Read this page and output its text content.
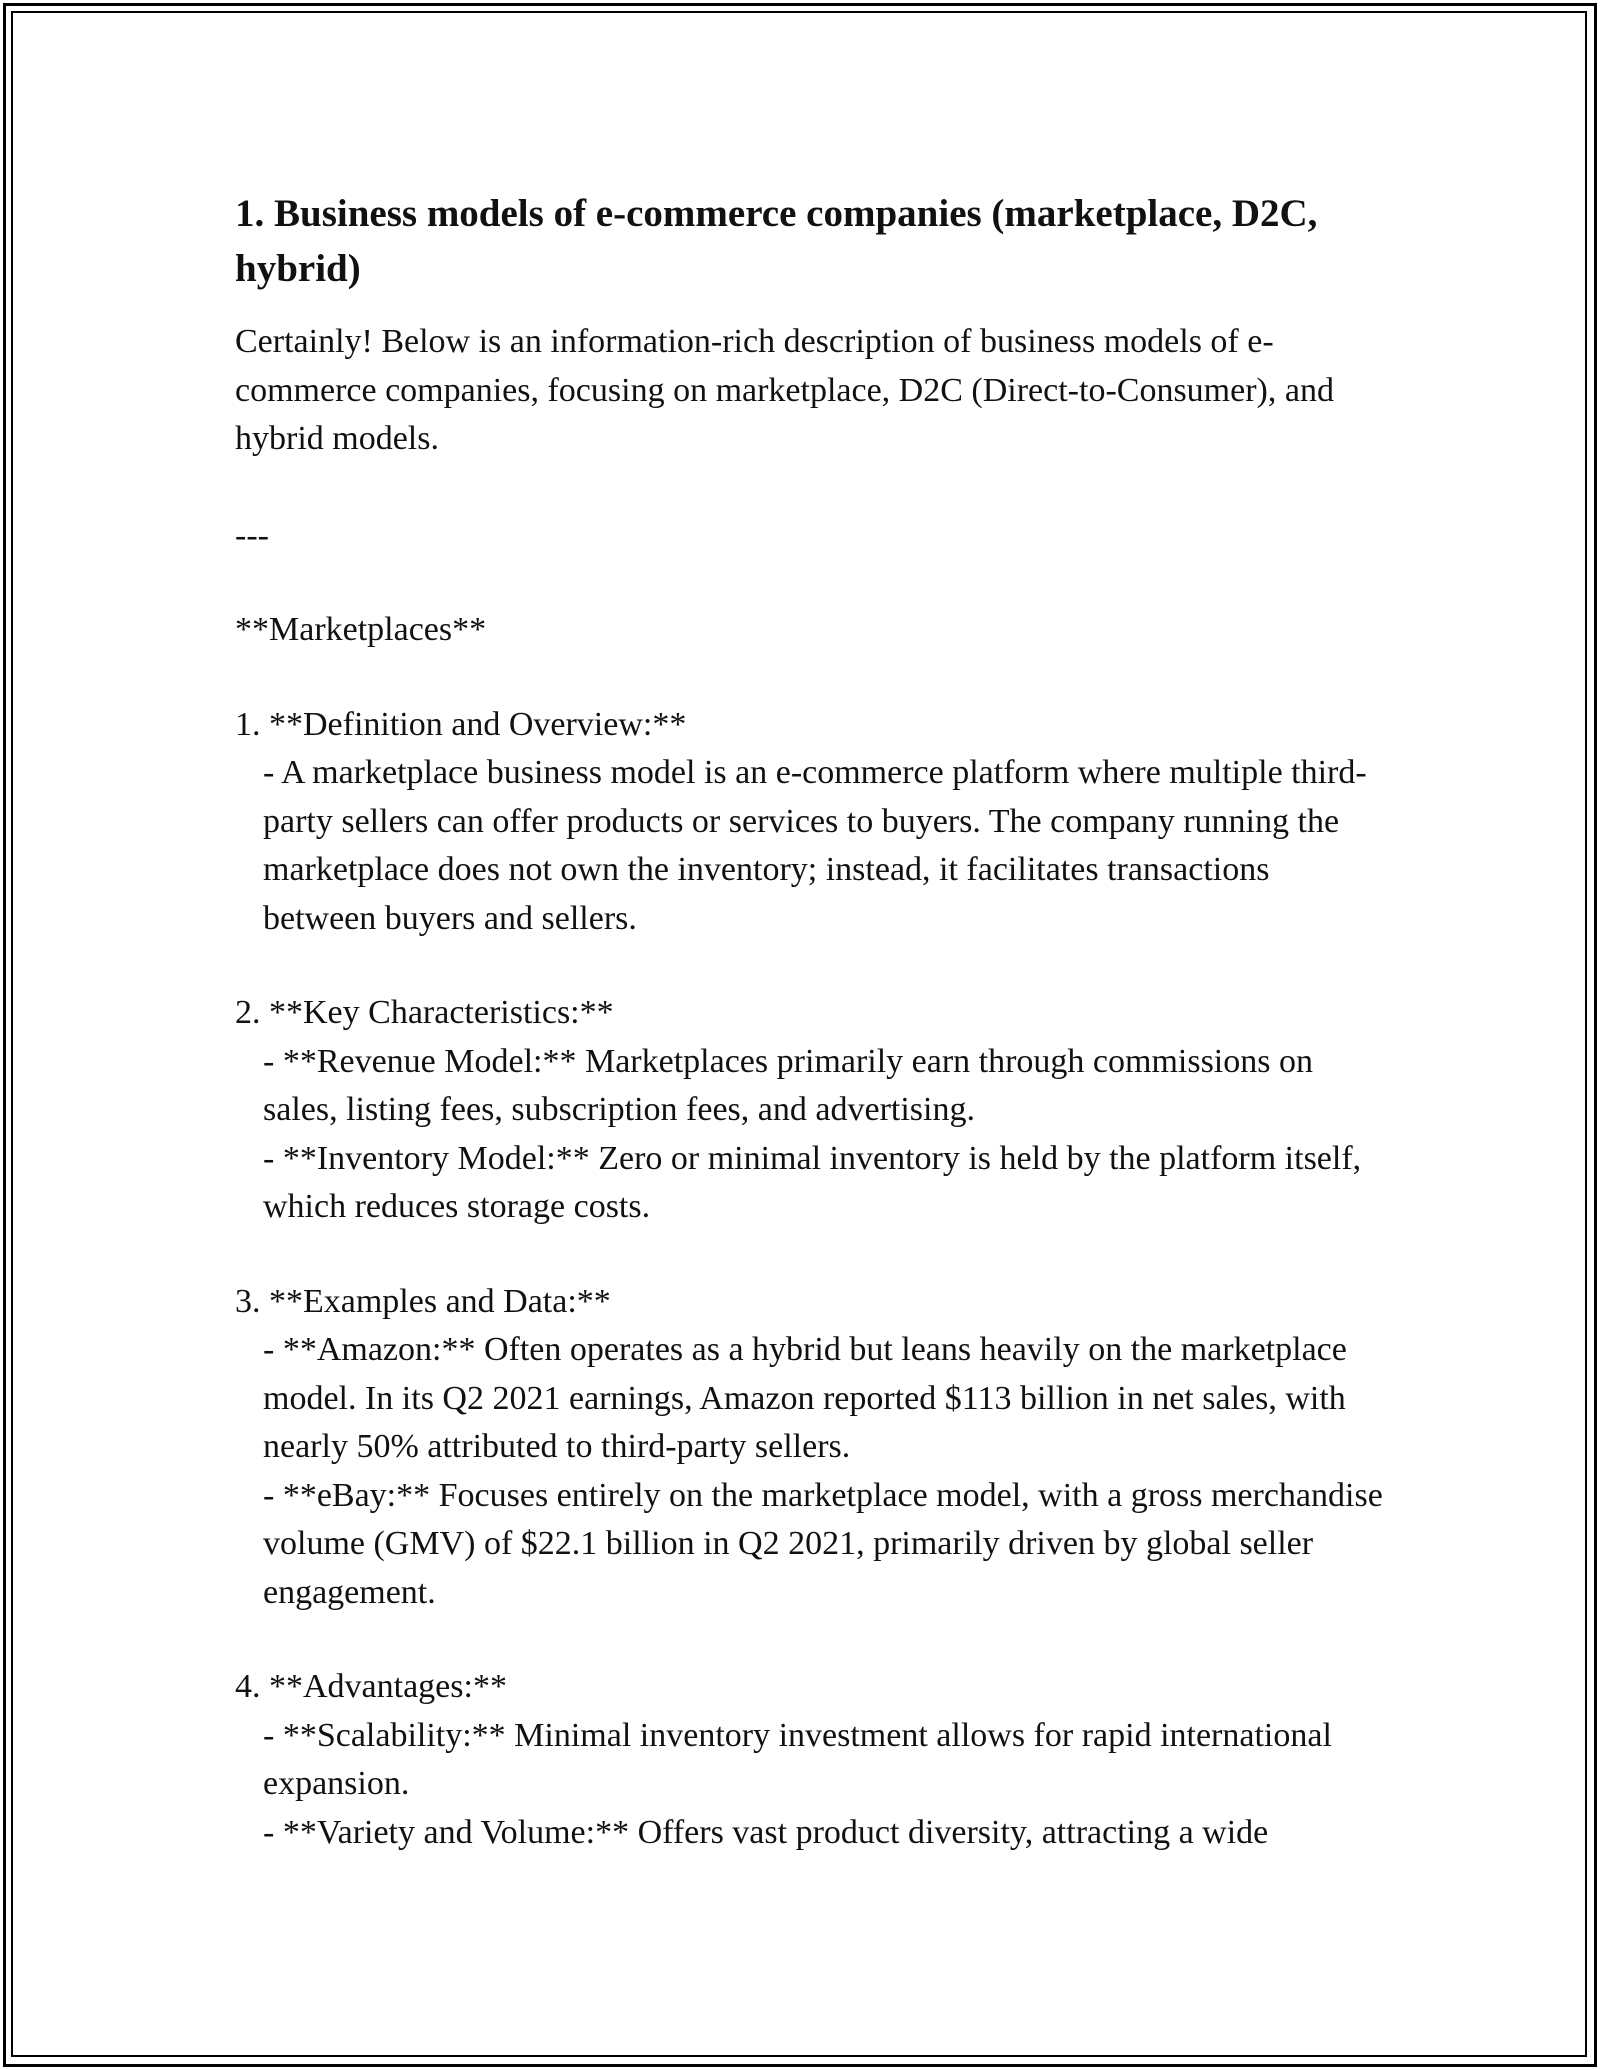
1. Business models of e-commerce companies (marketplace, D2C, hybrid)

Certainly! Below is an information-rich description of business models of e-commerce companies, focusing on marketplace, D2C (Direct-to-Consumer), and hybrid models.

---

**Marketplaces**

1. **Definition and Overview:**
- A marketplace business model is an e-commerce platform where multiple third-party sellers can offer products or services to buyers. The company running the marketplace does not own the inventory; instead, it facilitates transactions between buyers and sellers.
2. **Key Characteristics:**
- **Revenue Model:** Marketplaces primarily earn through commissions on sales, listing fees, subscription fees, and advertising.
- **Inventory Model:** Zero or minimal inventory is held by the platform itself, which reduces storage costs.
3. **Examples and Data:**
- **Amazon:** Often operates as a hybrid but leans heavily on the marketplace model. In its Q2 2021 earnings, Amazon reported $113 billion in net sales, with nearly 50% attributed to third-party sellers.
- **eBay:** Focuses entirely on the marketplace model, with a gross merchandise volume (GMV) of $22.1 billion in Q2 2021, primarily driven by global seller engagement.
4. **Advantages:**
- **Scalability:** Minimal inventory investment allows for rapid international expansion.
- **Variety and Volume:** Offers vast product diversity, attracting a wide
